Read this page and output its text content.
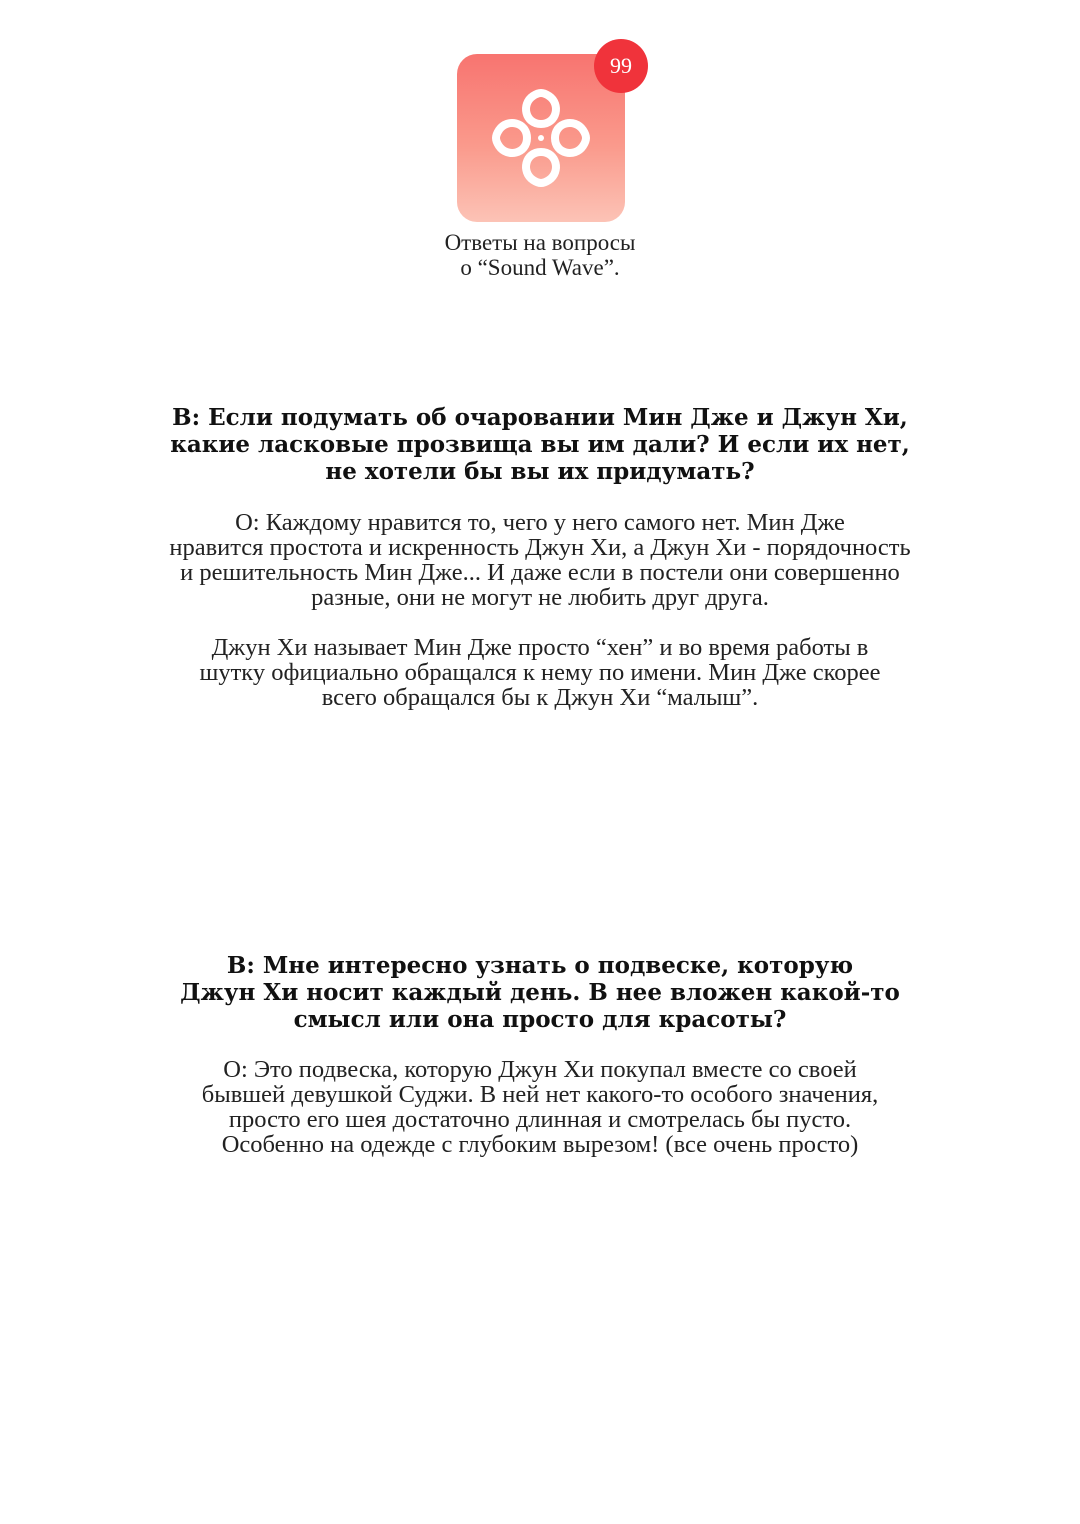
99
Ответы на вопросы
о “Sound Wave”.
В: Если подумать об очаровании Мин Дже и Джун Хи,
какие ласковые прозвища вы им дали? И если их нет,
не хотели бы вы их придумать?
О: Каждому нравится то, чего у него самого нет. Мин Дже
нравится простота и искренность Джун Хи, а Джун Хи - порядочность
и решительность Мин Дже... И даже если в постели они совершенно
разные, они не могут не любить друг друга.
Джун Хи называет Мин Дже просто “хен” и во время работы в
шутку официально обращался к нему по имени. Мин Дже скорее
всего обращался бы к Джун Хи “малыш”.
В: Мне интересно узнать о подвеске, которую
Джун Хи носит каждый день. В нее вложен какой-то
смысл или она просто для красоты?
О: Это подвеска, которую Джун Хи покупал вместе со своей
бывшей девушкой Суджи. В ней нет какого-то особого значения,
просто его шея достаточно длинная и смотрелась бы пусто.
Особенно на одежде с глубоким вырезом! (все очень просто)
